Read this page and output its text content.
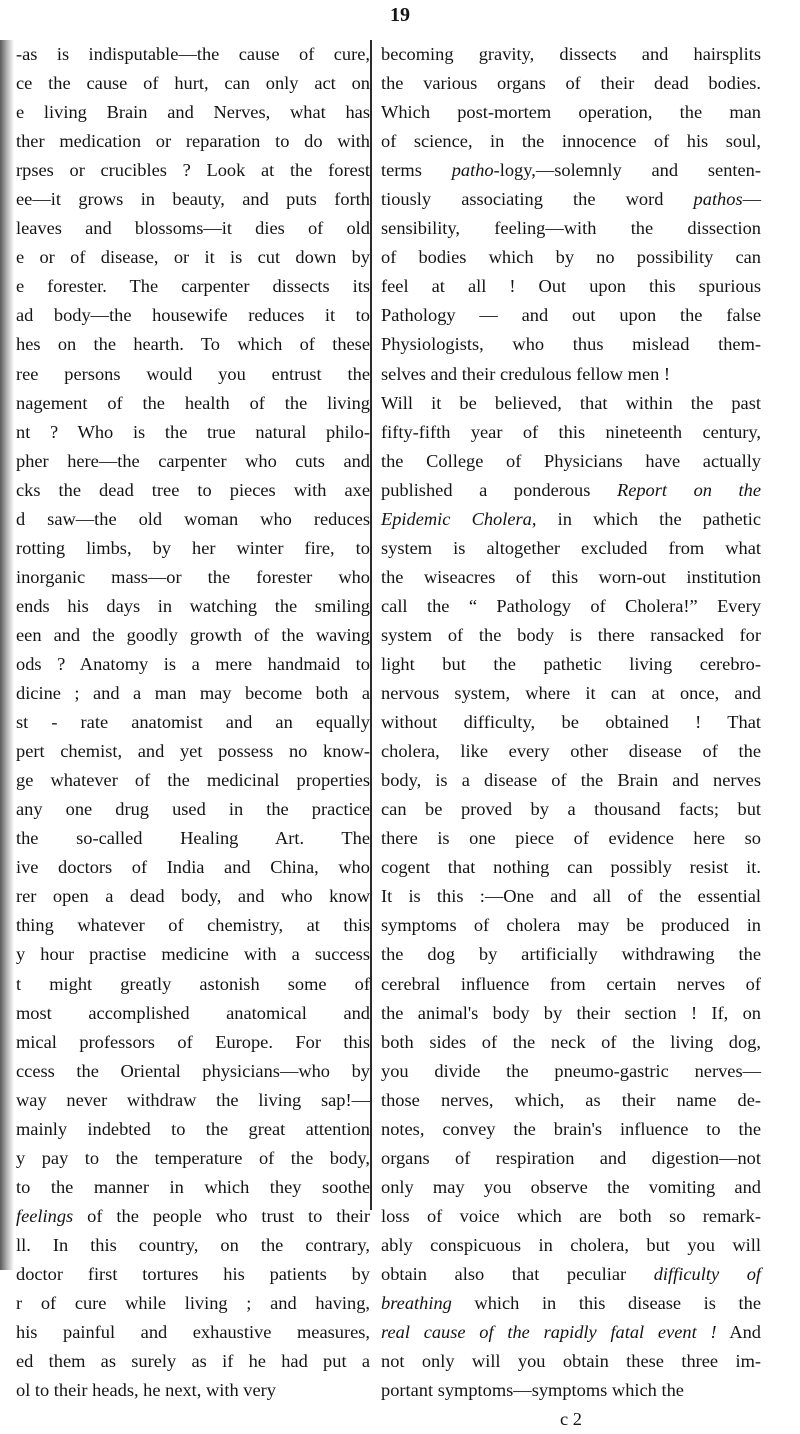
19
-as is indisputable—the cause of cure,
ce the cause of hurt, can only act on
e living Brain and Nerves, what has
ther medication or reparation to do with
rpses or crucibles ? Look at the forest
ee—it grows in beauty, and puts forth
leaves and blossoms—it dies of old
e or of disease, or it is cut down by
e forester. The carpenter dissects its
ad body—the housewife reduces it to
hes on the hearth. To which of these
ree persons would you entrust the
nagement of the health of the living
nt ? Who is the true natural philo-
pher here—the carpenter who cuts and
cks the dead tree to pieces with axe
d saw—the old woman who reduces
rotting limbs, by her winter fire, to
inorganic mass—or the forester who
ends his days in watching the smiling
een and the goodly growth of the waving
ods ? Anatomy is a mere handmaid to
dicine ; and a man may become both a
st - rate anatomist and an equally
pert chemist, and yet possess no know-
ge whatever of the medicinal properties
any one drug used in the practice
the so-called Healing Art. The
ive doctors of India and China, who
rer open a dead body, and who know
thing whatever of chemistry, at this
y hour practise medicine with a success
t might greatly astonish some of
most accomplished anatomical and
mical professors of Europe. For this
ccess the Oriental physicians—who by
way never withdraw the living sap!—
mainly indebted to the great attention
y pay to the temperature of the body,
to the manner in which they soothe
feelings of the people who trust to their
ll. In this country, on the contrary,
doctor first tortures his patients by
r of cure while living ; and having,
his painful and exhaustive measures,
ed them as surely as if he had put a
ol to their heads, he next, with very
becoming gravity, dissects and hairsplits
the various organs of their dead bodies.
Which post-mortem operation, the man
of science, in the innocence of his soul,
terms patho-logy,—solemnly and senten-
tiously associating the word pathos—
sensibility, feeling—with the dissection
of bodies which by no possibility can
feel at all ! Out upon this spurious
Pathology — and out upon the false
Physiologists, who thus mislead them-
selves and their credulous fellow men !
Will it be believed, that within the past
fifty-fifth year of this nineteenth century,
the College of Physicians have actually
published a ponderous Report on the
Epidemic Cholera, in which the pathetic
system is altogether excluded from what
the wiseacres of this worn-out institution
call the “ Pathology of Cholera!” Every
system of the body is there ransacked for
light but the pathetic living cerebro-
nervous system, where it can at once, and
without difficulty, be obtained ! That
cholera, like every other disease of the
body, is a disease of the Brain and nerves
can be proved by a thousand facts; but
there is one piece of evidence here so
cogent that nothing can possibly resist it.
It is this :—One and all of the essential
symptoms of cholera may be produced in
the dog by artificially withdrawing the
cerebral influence from certain nerves of
the animal's body by their section ! If, on
both sides of the neck of the living dog,
you divide the pneumo-gastric nerves—
those nerves, which, as their name de-
notes, convey the brain's influence to the
organs of respiration and digestion—not
only may you observe the vomiting and
loss of voice which are both so remark-
ably conspicuous in cholera, but you will
obtain also that peculiar difficulty of
breathing which in this disease is the
real cause of the rapidly fatal event ! And
not only will you obtain these three im-
portant symptoms—symptoms which the
c 2
